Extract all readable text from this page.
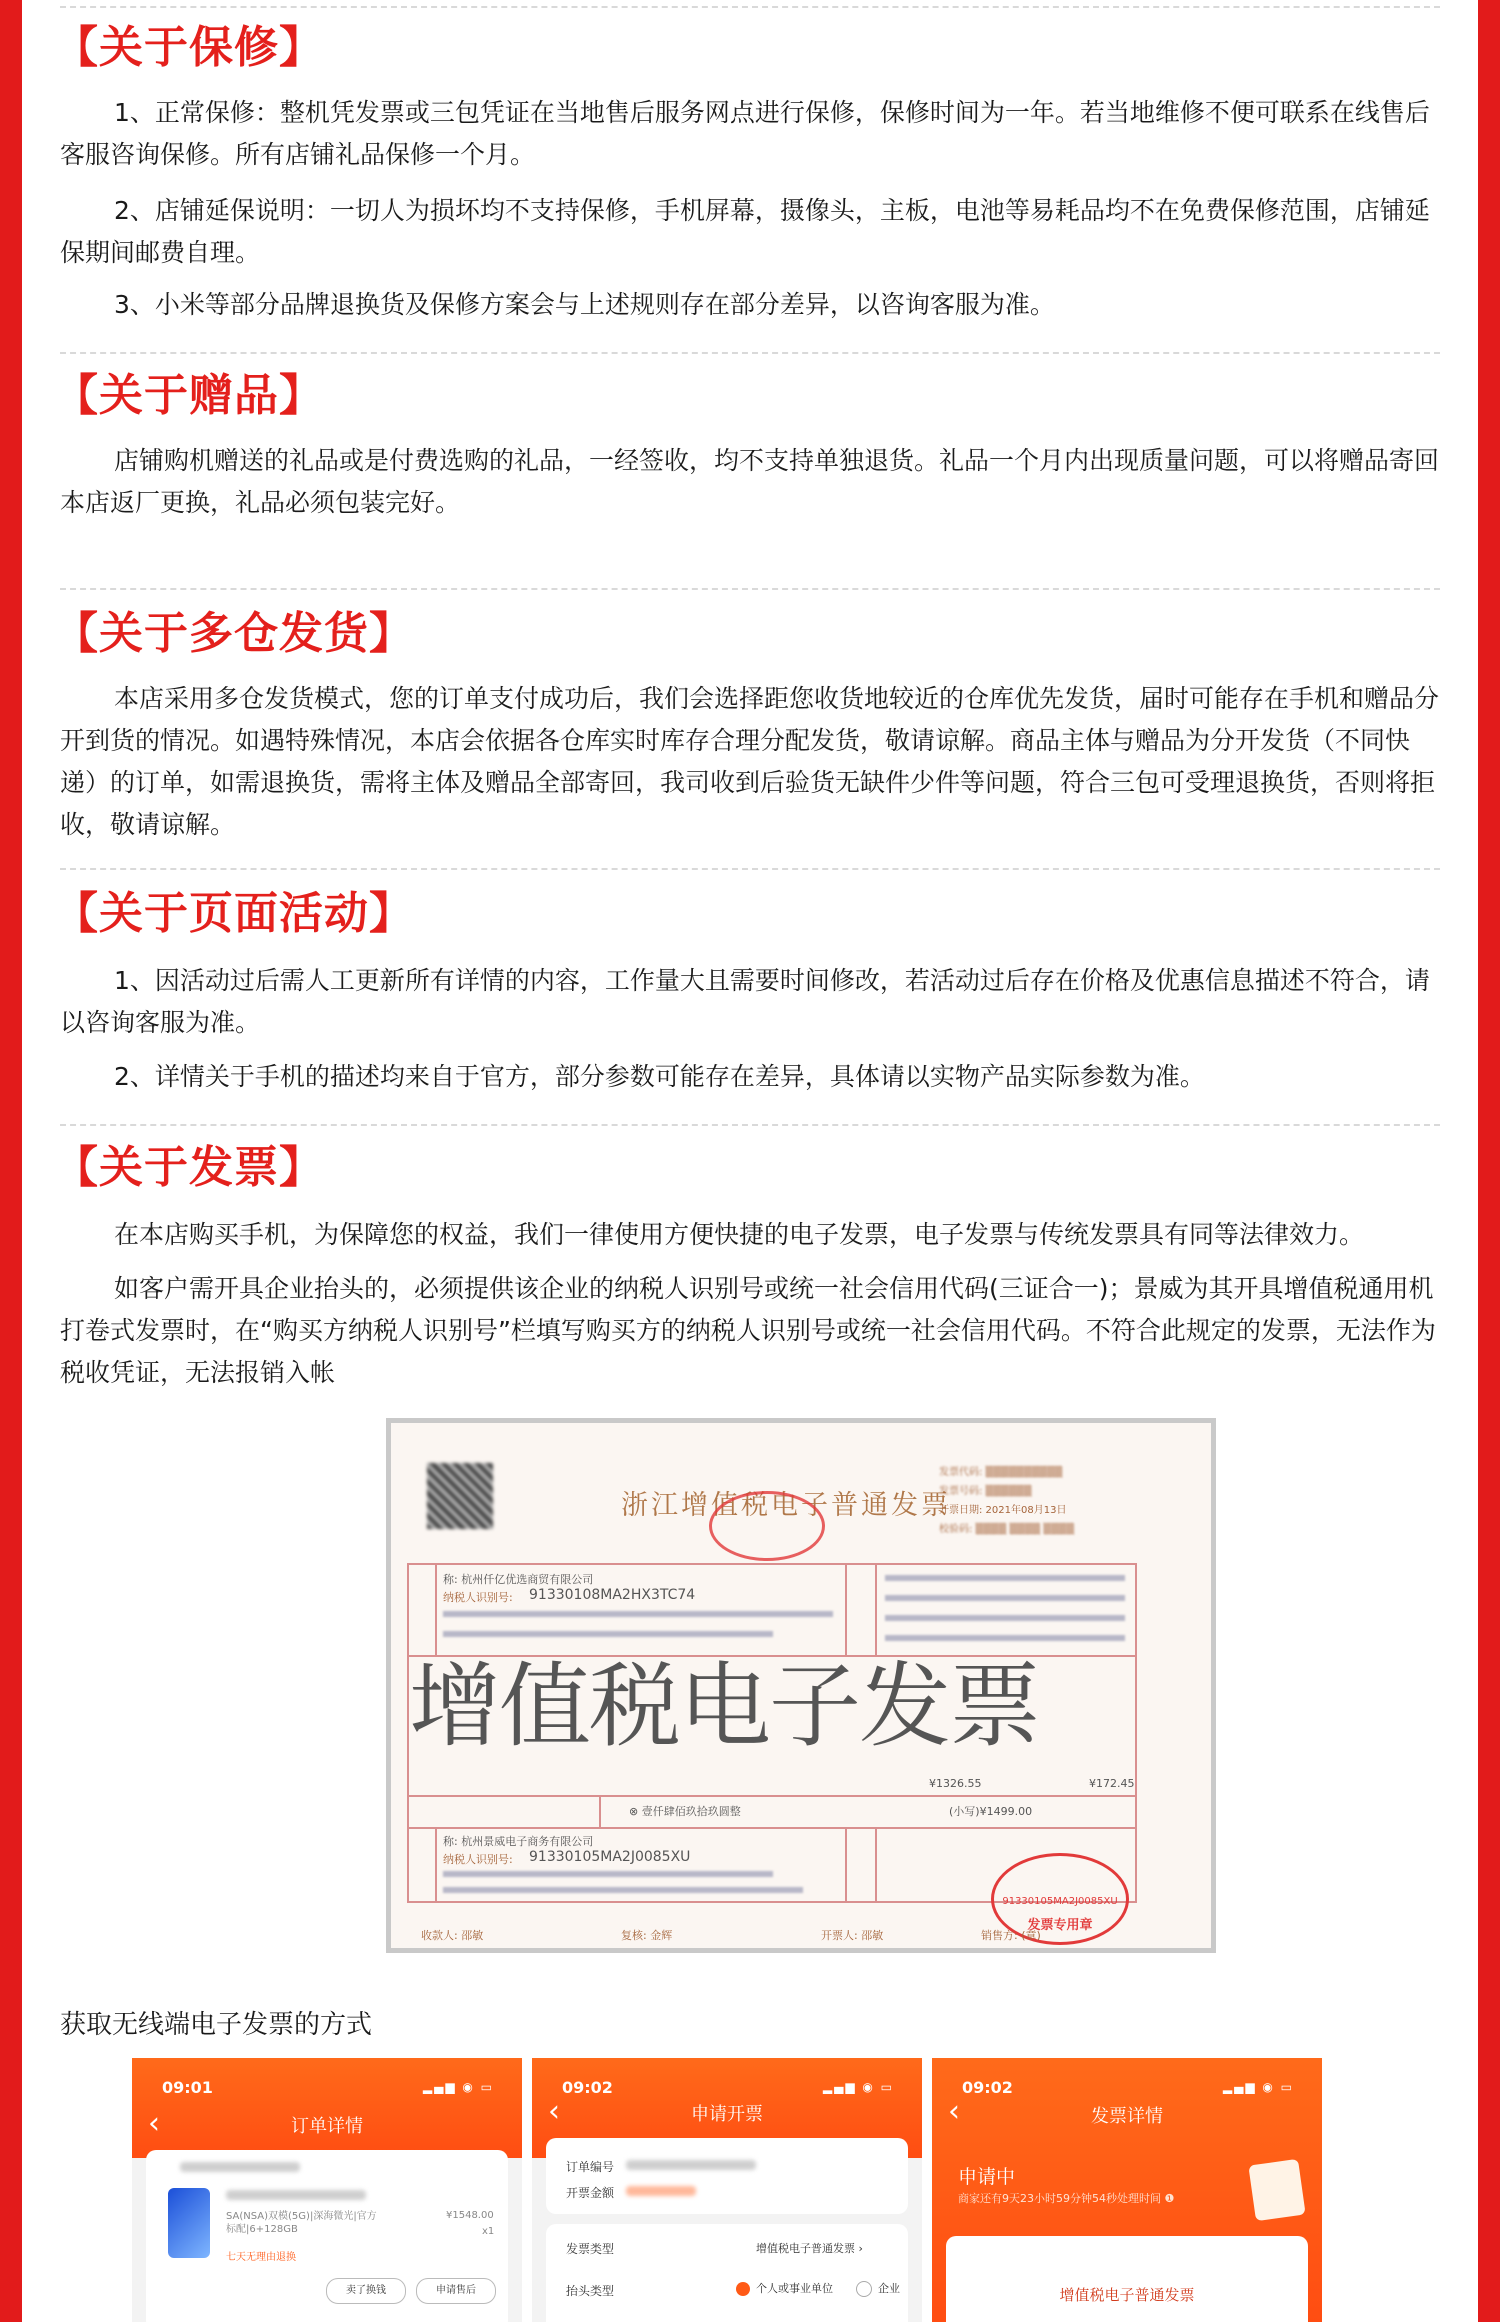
【关于保修】
1、正常保修：整机凭发票或三包凭证在当地售后服务网点进行保修，保修时间为一年。若当地维修不便可联系在线售后客服咨询保修。所有店铺礼品保修一个月。
2、店铺延保说明：一切人为损坏均不支持保修，手机屏幕，摄像头，主板，电池等易耗品均不在免费保修范围，店铺延保期间邮费自理。
3、小米等部分品牌退换货及保修方案会与上述规则存在部分差异，以咨询客服为准。
【关于赠品】
店铺购机赠送的礼品或是付费选购的礼品，一经签收，均不支持单独退货。礼品一个月内出现质量问题，可以将赠品寄回本店返厂更换，礼品必须包装完好。
【关于多仓发货】
本店采用多仓发货模式，您的订单支付成功后，我们会选择距您收货地较近的仓库优先发货，届时可能存在手机和赠品分开到货的情况。如遇特殊情况，本店会依据各仓库实时库存合理分配发货，敬请谅解。商品主体与赠品为分开发货（不同快递）的订单，如需退换货，需将主体及赠品全部寄回，我司收到后验货无缺件少件等问题，符合三包可受理退换货，否则将拒收，敬请谅解。
【关于页面活动】
1、因活动过后需人工更新所有详情的内容，工作量大且需要时间修改，若活动过后存在价格及优惠信息描述不符合，请以咨询客服为准。
2、详情关于手机的描述均来自于官方，部分参数可能存在差异，具体请以实物产品实际参数为准。
【关于发票】
在本店购买手机，为保障您的权益，我们一律使用方便快捷的电子发票，电子发票与传统发票具有同等法律效力。
如客户需开具企业抬头的，必须提供该企业的纳税人识别号或统一社会信用代码(三证合一)；景威为其开具增值税通用机打卷式发票时，在“购买方纳税人识别号”栏填写购买方的纳税人识别号或统一社会信用代码。不符合此规定的发票，无法作为税收凭证，无法报销入帐
浙江增值税电子普通发票
发票代码: ▒▒▒▒▒▒▒▒▒▒
发票号码: ▒▒▒▒▒▒
开票日期: 2021年08月13日
校验码: ▒▒▒▒ ▒▒▒▒ ▒▒▒▒
称: 杭州仟亿优选商贸有限公司
纳税人识别号: 91330108MA2HX3TC74
¥1326.55	¥172.45
⊗ 壹仟肆佰玖拾玖圆整	(小写)¥1499.00
称: 杭州景威电子商务有限公司
纳税人识别号: 91330105MA2J0085XU
增值税电子发票
91330105MA2J0085XU
发票专用章
收款人: 邵敏	复核: 金辉	开票人: 邵敏	销售方: (章)
获取无线端电子发票的方式
09:01	▂▄▆ ◉ ▭
‹	订单详情
SA(NSA)双模(5G)|深海微光|官方标配|6+128GB
¥1548.00
x1
七天无理由退换
卖了换钱	申请售后
09:02	▂▄▆ ◉ ▭
‹	申请开票
订单编号
开票金额
发票类型	增值税电子普通发票 ›
抬头类型	个人或事业单位	企业
09:02	▂▄▆ ◉ ▭
‹	发票详情
申请中
商家还有9天23小时59分钟54秒处理时间 ❶
增值税电子普通发票
